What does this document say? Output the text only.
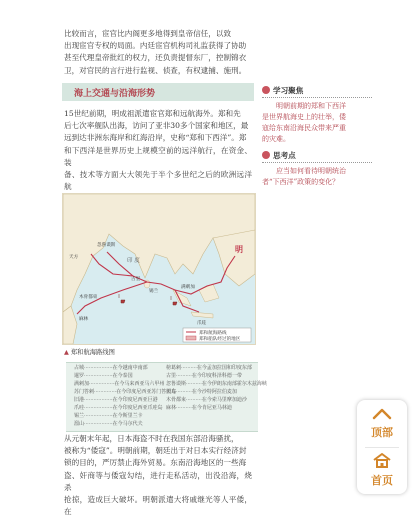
比较而言，宦官比内阁更多地得到皇帝信任，以致
出现宦官专权的局面。内廷宦官机构司礼监获得了协助
甚至代理皇帝批红的权力，还负责提督东厂，控制锦衣
卫，对官民的言行进行监视、侦查，有权逮捕、施刑。
海上交通与沿海形势
15世纪前期，明成祖派遣宦官郑和远航海外。郑和先
后七次率舰队出海，访问了亚非30多个国家和地区，最
远到达非洲东海岸和红海沿岸，史称“郑和下西洋”。郑
和下西洋是世界历史上规模空前的远洋航行，在资金、装
备、技术等方面大大领先于半个多世纪之后的欧洲远洋航
学习聚焦
明朝前期的郑和下西洋
是世界航海史上的壮举，倭
寇给东南沿海民众带来严重
的灾难。
思考点
应当如何看待明朝统治
者“下西洋”政策的变化？
郑和航海路线
郑和船队经过的地区
明
印 度
古里
锡兰
满剌加
爪哇
木骨都束
麻林
忽鲁谟斯
天方
▲ 郑和航海路线图
占城··················在今越南中南部	榜葛剌··········在今孟加拉国和印度东部
暹罗··················在今泰国	古里··········在今印度科泽科德一带
满剌加················在今马来西亚马六甲州 忽鲁谟斯··········在今伊朗东南部霍尔木兹海峡
苏门答剌··············在今印度尼西亚苏门答腊岛
天方··········在今沙特阿拉伯麦加
旧港··················在今印度尼西亚巨港 木骨都束··········在今索马里摩加迪沙
爪哇··················在今印度尼西亚爪哇岛 麻林··········在今肯尼亚马林迪
锡兰··················在今斯里兰卡
溜山··················在今马尔代夫
从元朝末年起，日本海盗不时在我国东部沿海骚扰，
被称为“倭寇”。明朝前期，朝廷出于对日本实行经济封
锁的目的，严厉禁止海外贸易。东南沿海地区的一些海
盗、奸商等与倭寇勾结，进行走私活动，出没沿海，烧杀
抢掠，造成巨大破坏。明朝派遣大将戚继光等人平倭，在
顶部
首页
